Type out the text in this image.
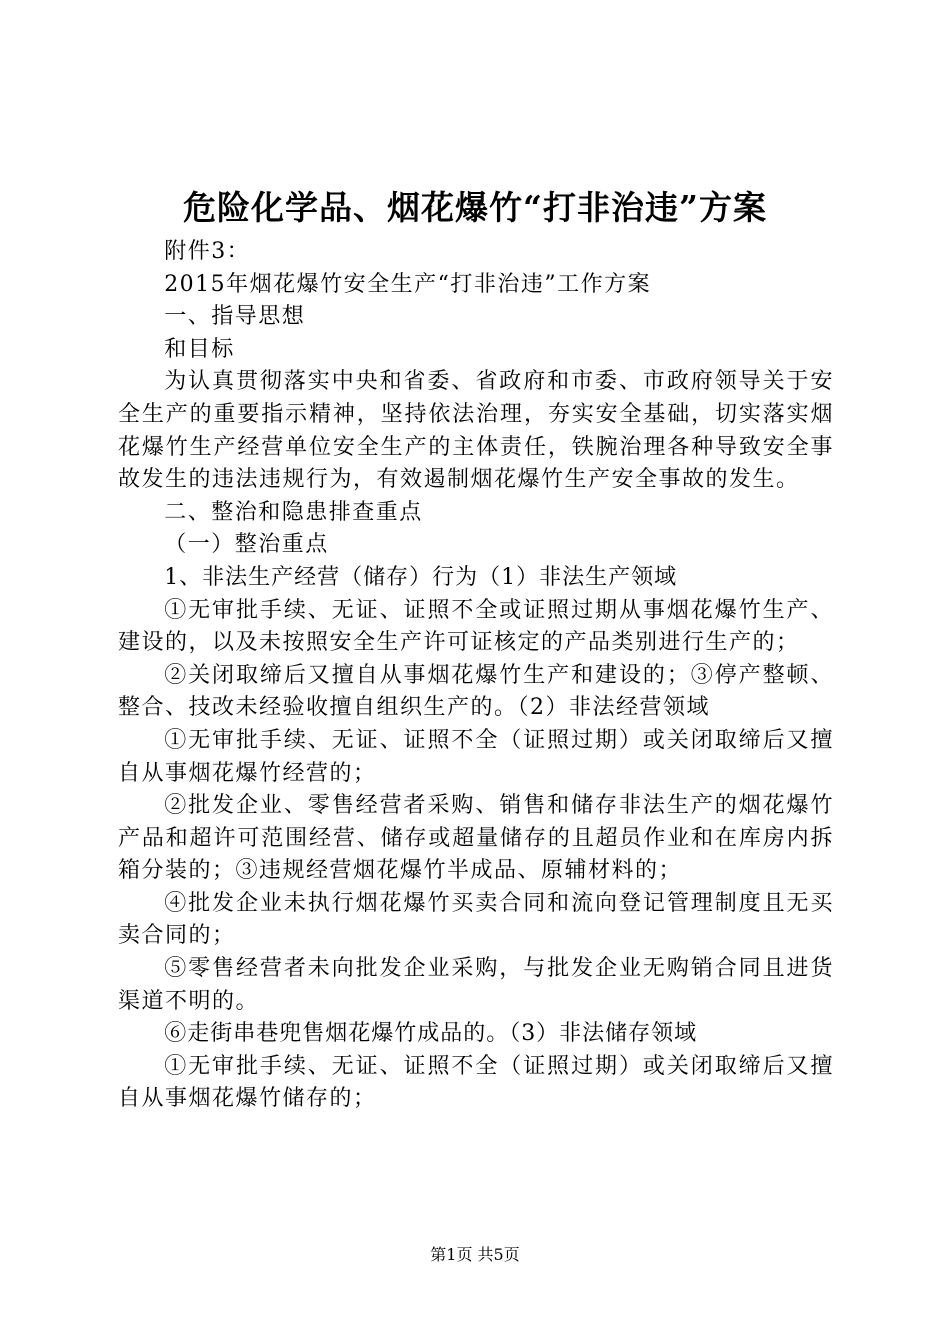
危险化学品、烟花爆竹“打非治违”方案

附件3：

2015年烟花爆竹安全生产“打非治违”工作方案

一、指导思想

和目标

为认真贯彻落实中央和省委、省政府和市委、市政府领导关于安全生产的重要指示精神，坚持依法治理，夯实安全基础，切实落实烟花爆竹生产经营单位安全生产的主体责任，铁腕治理各种导致安全事故发生的违法违规行为，有效遏制烟花爆竹生产安全事故的发生。

二、整治和隐患排查重点

（一）整治重点

1、非法生产经营（储存）行为（1）非法生产领域

①无审批手续、无证、证照不全或证照过期从事烟花爆竹生产、建设的，以及未按照安全生产许可证核定的产品类别进行生产的；

②关闭取缔后又擅自从事烟花爆竹生产和建设的；③停产整顿、整合、技改未经验收擅自组织生产的。（2）非法经营领域

①无审批手续、无证、证照不全（证照过期）或关闭取缔后又擅自从事烟花爆竹经营的；

②批发企业、零售经营者采购、销售和储存非法生产的烟花爆竹产品和超许可范围经营、储存或超量储存的且超员作业和在库房内拆箱分装的；③违规经营烟花爆竹半成品、原辅材料的；

④批发企业未执行烟花爆竹买卖合同和流向登记管理制度且无买卖合同的；

⑤零售经营者未向批发企业采购，与批发企业无购销合同且进货渠道不明的。

⑥走街串巷兜售烟花爆竹成品的。（3）非法储存领域

①无审批手续、无证、证照不全（证照过期）或关闭取缔后又擅自从事烟花爆竹储存的；

第1页 共5页
